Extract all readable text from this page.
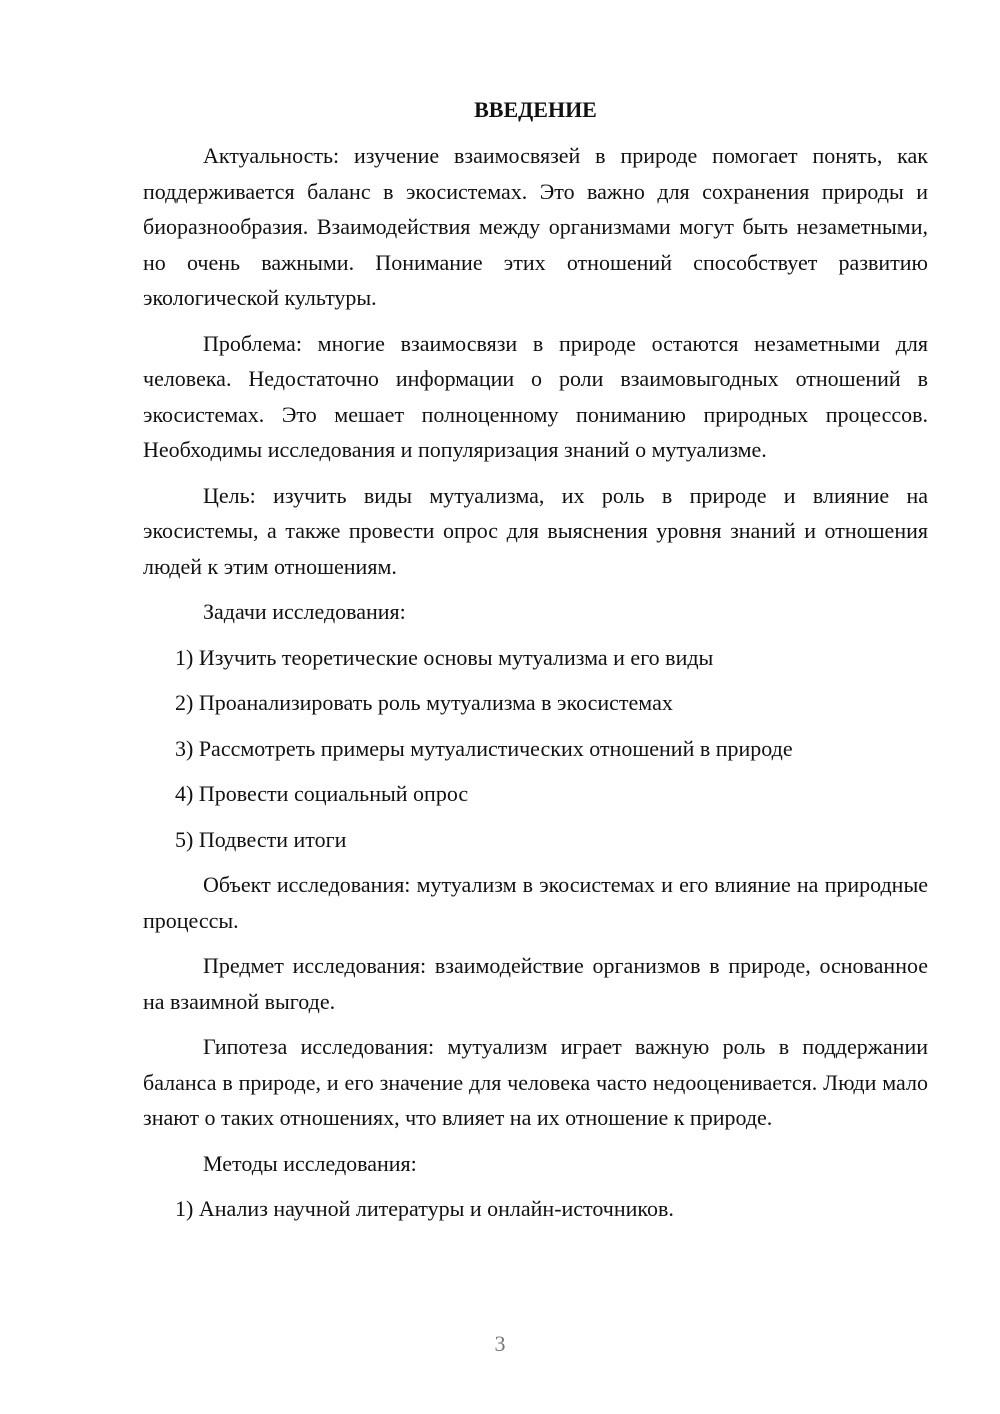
ВВЕДЕНИЕ

Актуальность: изучение взаимосвязей в природе помогает понять, как поддерживается баланс в экосистемах. Это важно для сохранения природы и биоразнообразия. Взаимодействия между организмами могут быть незаметными, но очень важными. Понимание этих отношений способствует развитию экологической культуры.

Проблема: многие взаимосвязи в природе остаются незаметными для человека. Недостаточно информации о роли взаимовыгодных отношений в экосистемах. Это мешает полноценному пониманию природных процессов. Необходимы исследования и популяризация знаний о мутуализме.

Цель: изучить виды мутуализма, их роль в природе и влияние на экосистемы, а также провести опрос для выяснения уровня знаний и отношения людей к этим отношениям.

Задачи исследования:

1) Изучить теоретические основы мутуализма и его виды
2) Проанализировать роль мутуализма в экосистемах
3) Рассмотреть примеры мутуалистических отношений в природе
4) Провести социальный опрос
5) Подвести итоги

Объект исследования: мутуализм в экосистемах и его влияние на природные процессы.

Предмет исследования: взаимодействие организмов в природе, основанное на взаимной выгоде.

Гипотеза исследования: мутуализм играет важную роль в поддержании баланса в природе, и его значение для человека часто недооценивается. Люди мало знают о таких отношениях, что влияет на их отношение к природе.

Методы исследования:

1) Анализ научной литературы и онлайн-источников.
3
